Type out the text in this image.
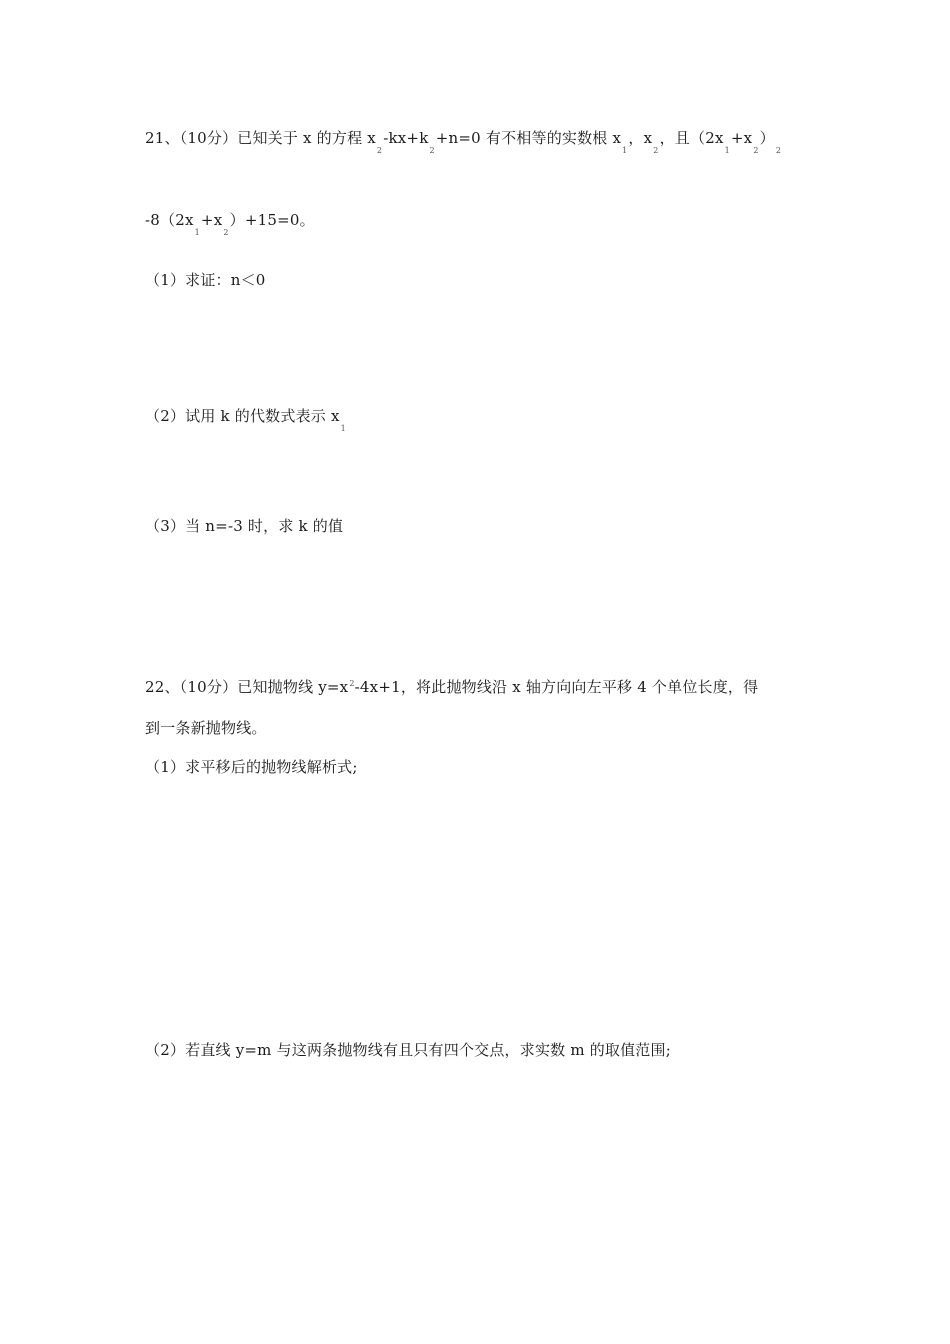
21、（10分）已知关于 x 的方程 $x_2-kx+k_2+n=0$ 有不相等的实数根 $x_1$，$x_2$，且$(2x_1+x_2)_2$
$-8(2x_1+x_2)+15=0$。
（1）求证：n＜0
（2）试用 k 的代数式表示 $x_1$
（3）当 n=-3 时，求 k 的值
22、（10分）已知抛物线 $y=x^2-4x+1$，将此抛物线沿 x 轴方向向左平移 4 个单位长度，得
到一条新抛物线。
（1）求平移后的抛物线解析式;
（2）若直线 y=m 与这两条抛物线有且只有四个交点，求实数 m 的取值范围;
